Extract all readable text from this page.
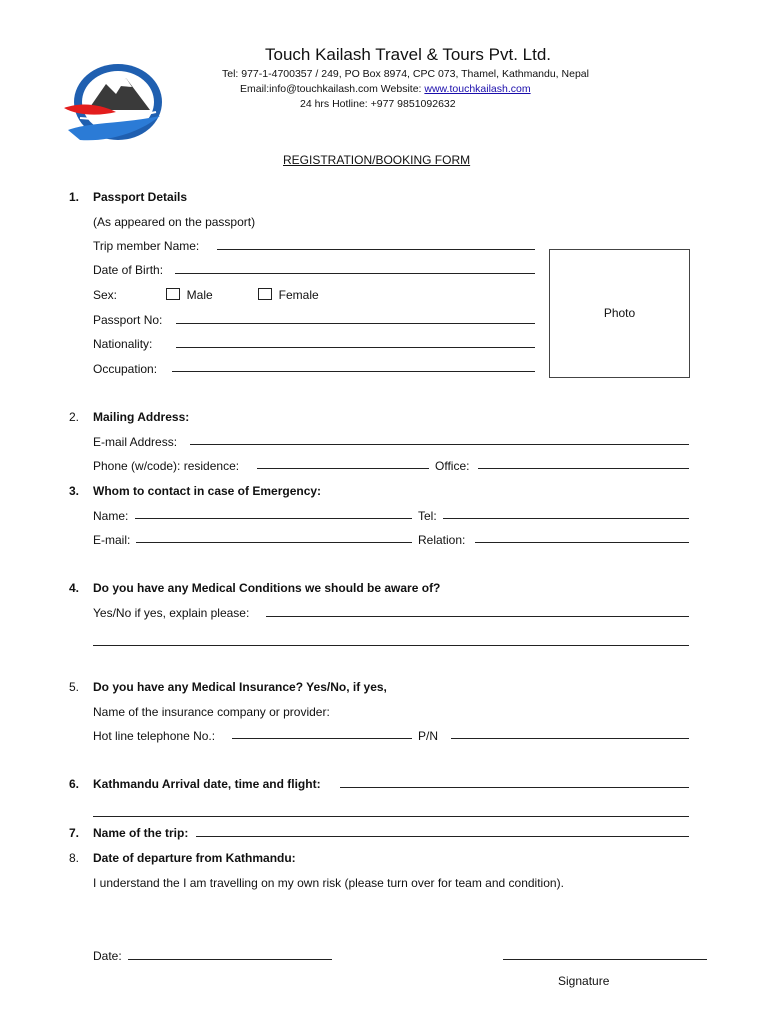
Touch Kailash Travel & Tours Pvt. Ltd.
Tel: 977-1-4700357 / 249, PO Box 8974, CPC 073, Thamel, Kathmandu, Nepal
Email:info@touchkailash.com Website: www.touchkailash.com
24 hrs Hotline: +977 9851092632
REGISTRATION/BOOKING FORM
1. Passport Details
(As appeared on the passport)
Trip member Name:
Date of Birth:
Sex:	Male	Female
Passport No:
Nationality:
Occupation:
Photo
2. Mailing Address:
E-mail Address:
Phone (w/code): residence:	Office:
3. Whom to contact in case of Emergency:
Name:	Tel:
E-mail:	Relation:
4. Do you have any Medical Conditions we should be aware of?
Yes/No if yes, explain please:
5. Do you have any Medical Insurance? Yes/No, if yes,
Name of the insurance company or provider:
Hot line telephone No.:	P/N
6. Kathmandu Arrival date, time and flight:
7. Name of the trip:
8. Date of departure from Kathmandu:
I understand the I am travelling on my own risk (please turn over for team and condition).
Date:
Signature
